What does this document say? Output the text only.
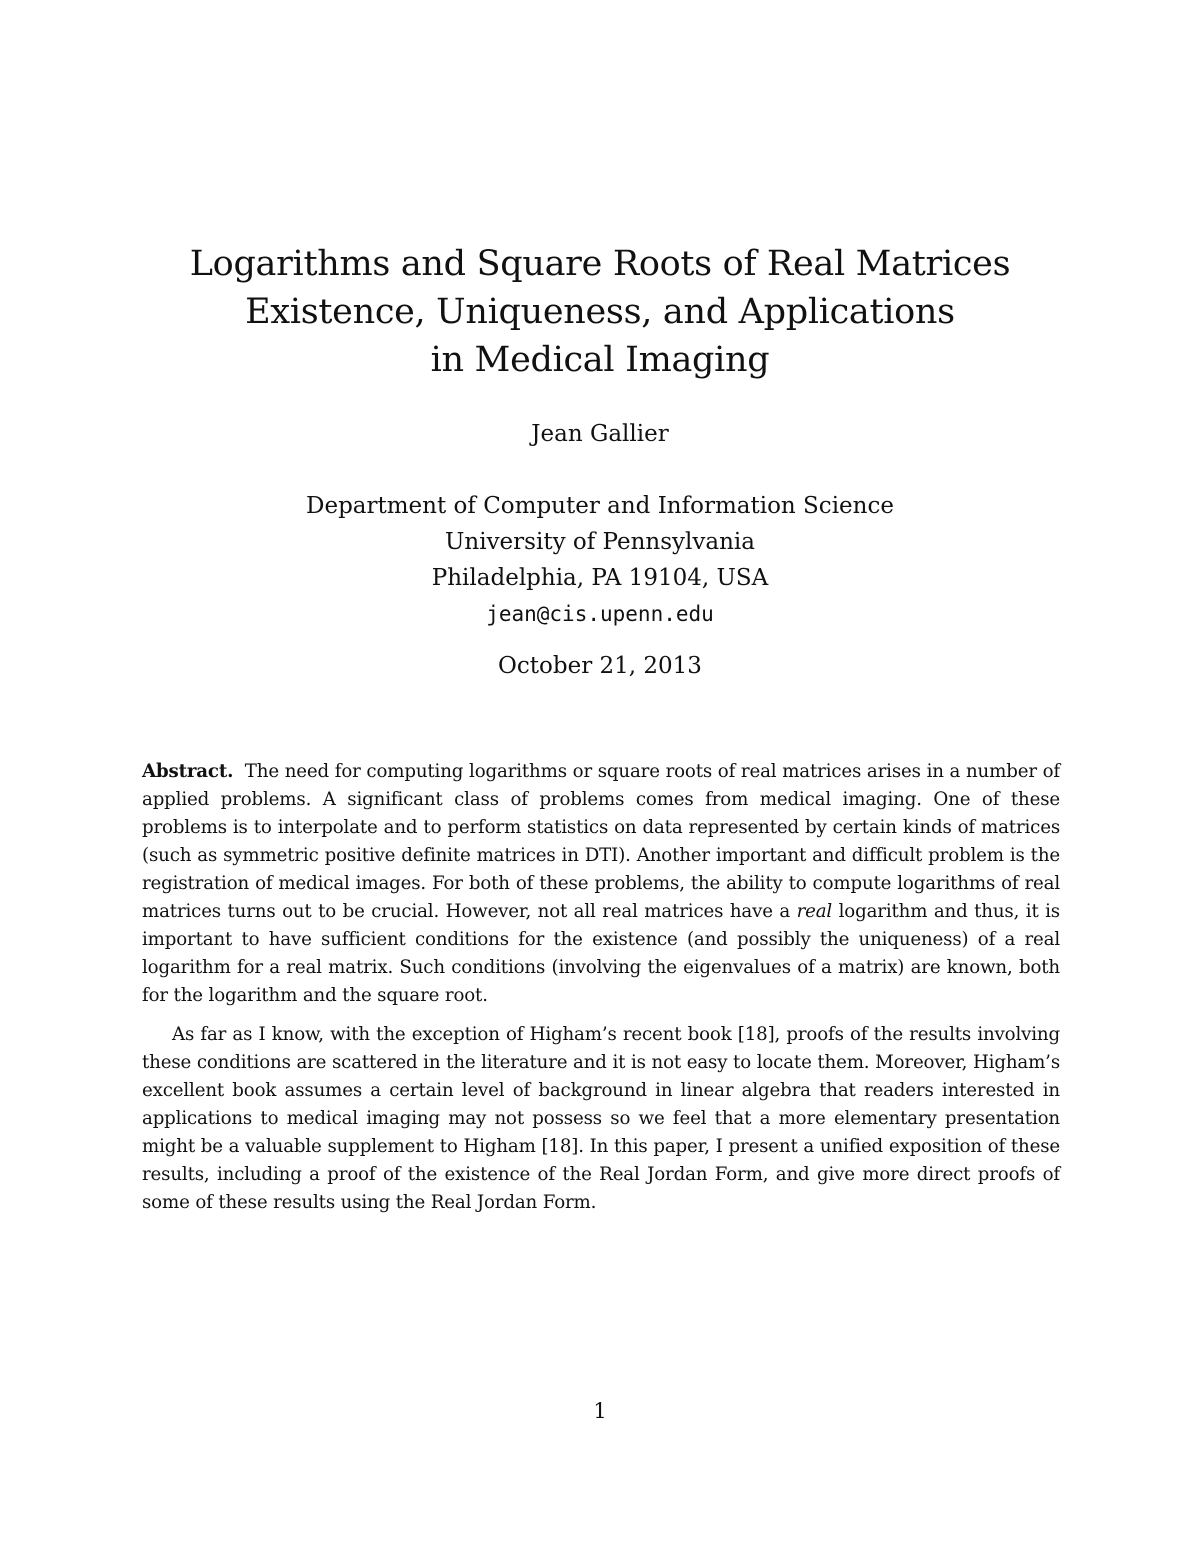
Logarithms and Square Roots of Real Matrices
Existence, Uniqueness, and Applications
in Medical Imaging
Jean Gallier
Department of Computer and Information Science
University of Pennsylvania
Philadelphia, PA 19104, USA
jean@cis.upenn.edu
October 21, 2013

Abstract. The need for computing logarithms or square roots of real matrices arises in a number of applied problems. A significant class of problems comes from medical imaging. One of these problems is to interpolate and to perform statistics on data represented by certain kinds of matrices (such as symmetric positive definite matrices in DTI). Another important and difficult problem is the registration of medical images. For both of these problems, the ability to compute logarithms of real matrices turns out to be crucial. However, not all real matrices have a real logarithm and thus, it is important to have sufficient conditions for the existence (and possibly the uniqueness) of a real logarithm for a real matrix. Such conditions (involving the eigenvalues of a matrix) are known, both for the logarithm and the square root.

As far as I know, with the exception of Higham’s recent book [18], proofs of the results involving these conditions are scattered in the literature and it is not easy to locate them. Moreover, Higham’s excellent book assumes a certain level of background in linear algebra that readers interested in applications to medical imaging may not possess so we feel that a more elementary presentation might be a valuable supplement to Higham [18]. In this paper, I present a unified exposition of these results, including a proof of the existence of the Real Jordan Form, and give more direct proofs of some of these results using the Real Jordan Form.

1
